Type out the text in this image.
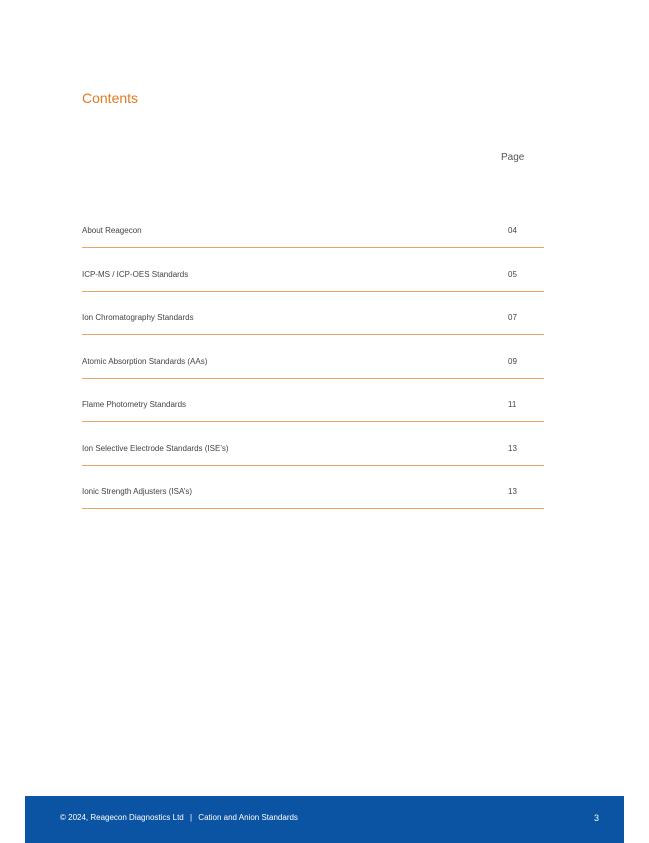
Contents
Page
About Reagecon	04
ICP-MS / ICP-OES Standards	05
Ion Chromatography Standards	07
Atomic Absorption Standards (AAs)	09
Flame Photometry Standards	11
Ion Selective Electrode Standards (ISE’s)	13
Ionic Strength Adjusters (ISA’s)	13
© 2024, Reagecon Diagnostics Ltd | Cation and Anion Standards	3
